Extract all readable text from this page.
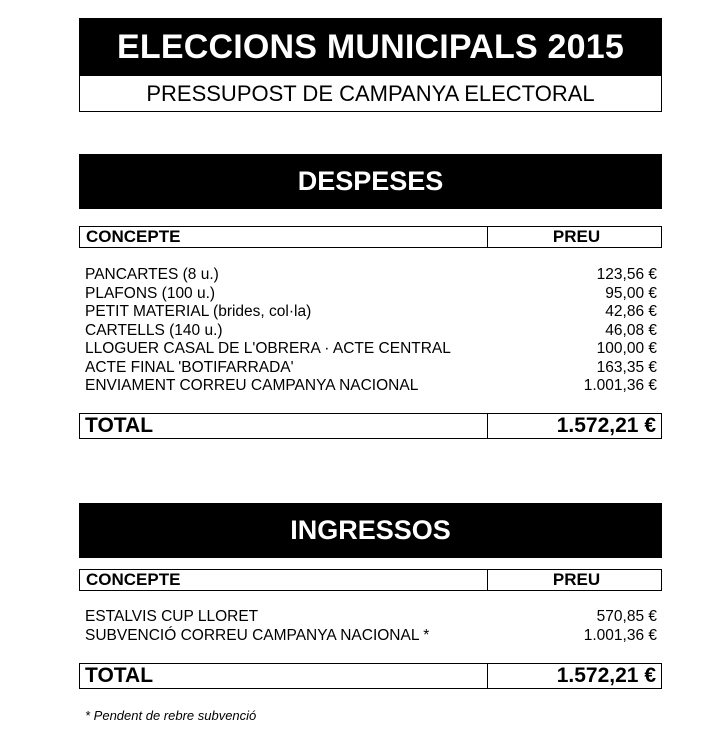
ELECCIONS MUNICIPALS 2015
PRESSUPOST DE CAMPANYA ELECTORAL
DESPESES
CONCEPTE	PREU
PANCARTES (8 u.)	123,56 €
PLAFONS (100 u.)	95,00 €
PETIT MATERIAL (brides, col·la)	42,86 €
CARTELLS (140 u.)	46,08 €
LLOGUER CASAL DE L'OBRERA · ACTE CENTRAL	100,00 €
ACTE FINAL 'BOTIFARRADA'	163,35 €
ENVIAMENT CORREU CAMPANYA NACIONAL	1.001,36 €
TOTAL	1.572,21 €
INGRESSOS
CONCEPTE	PREU
ESTALVIS CUP LLORET	570,85 €
SUBVENCIÓ CORREU CAMPANYA NACIONAL *	1.001,36 €
TOTAL	1.572,21 €
* Pendent de rebre subvenció
